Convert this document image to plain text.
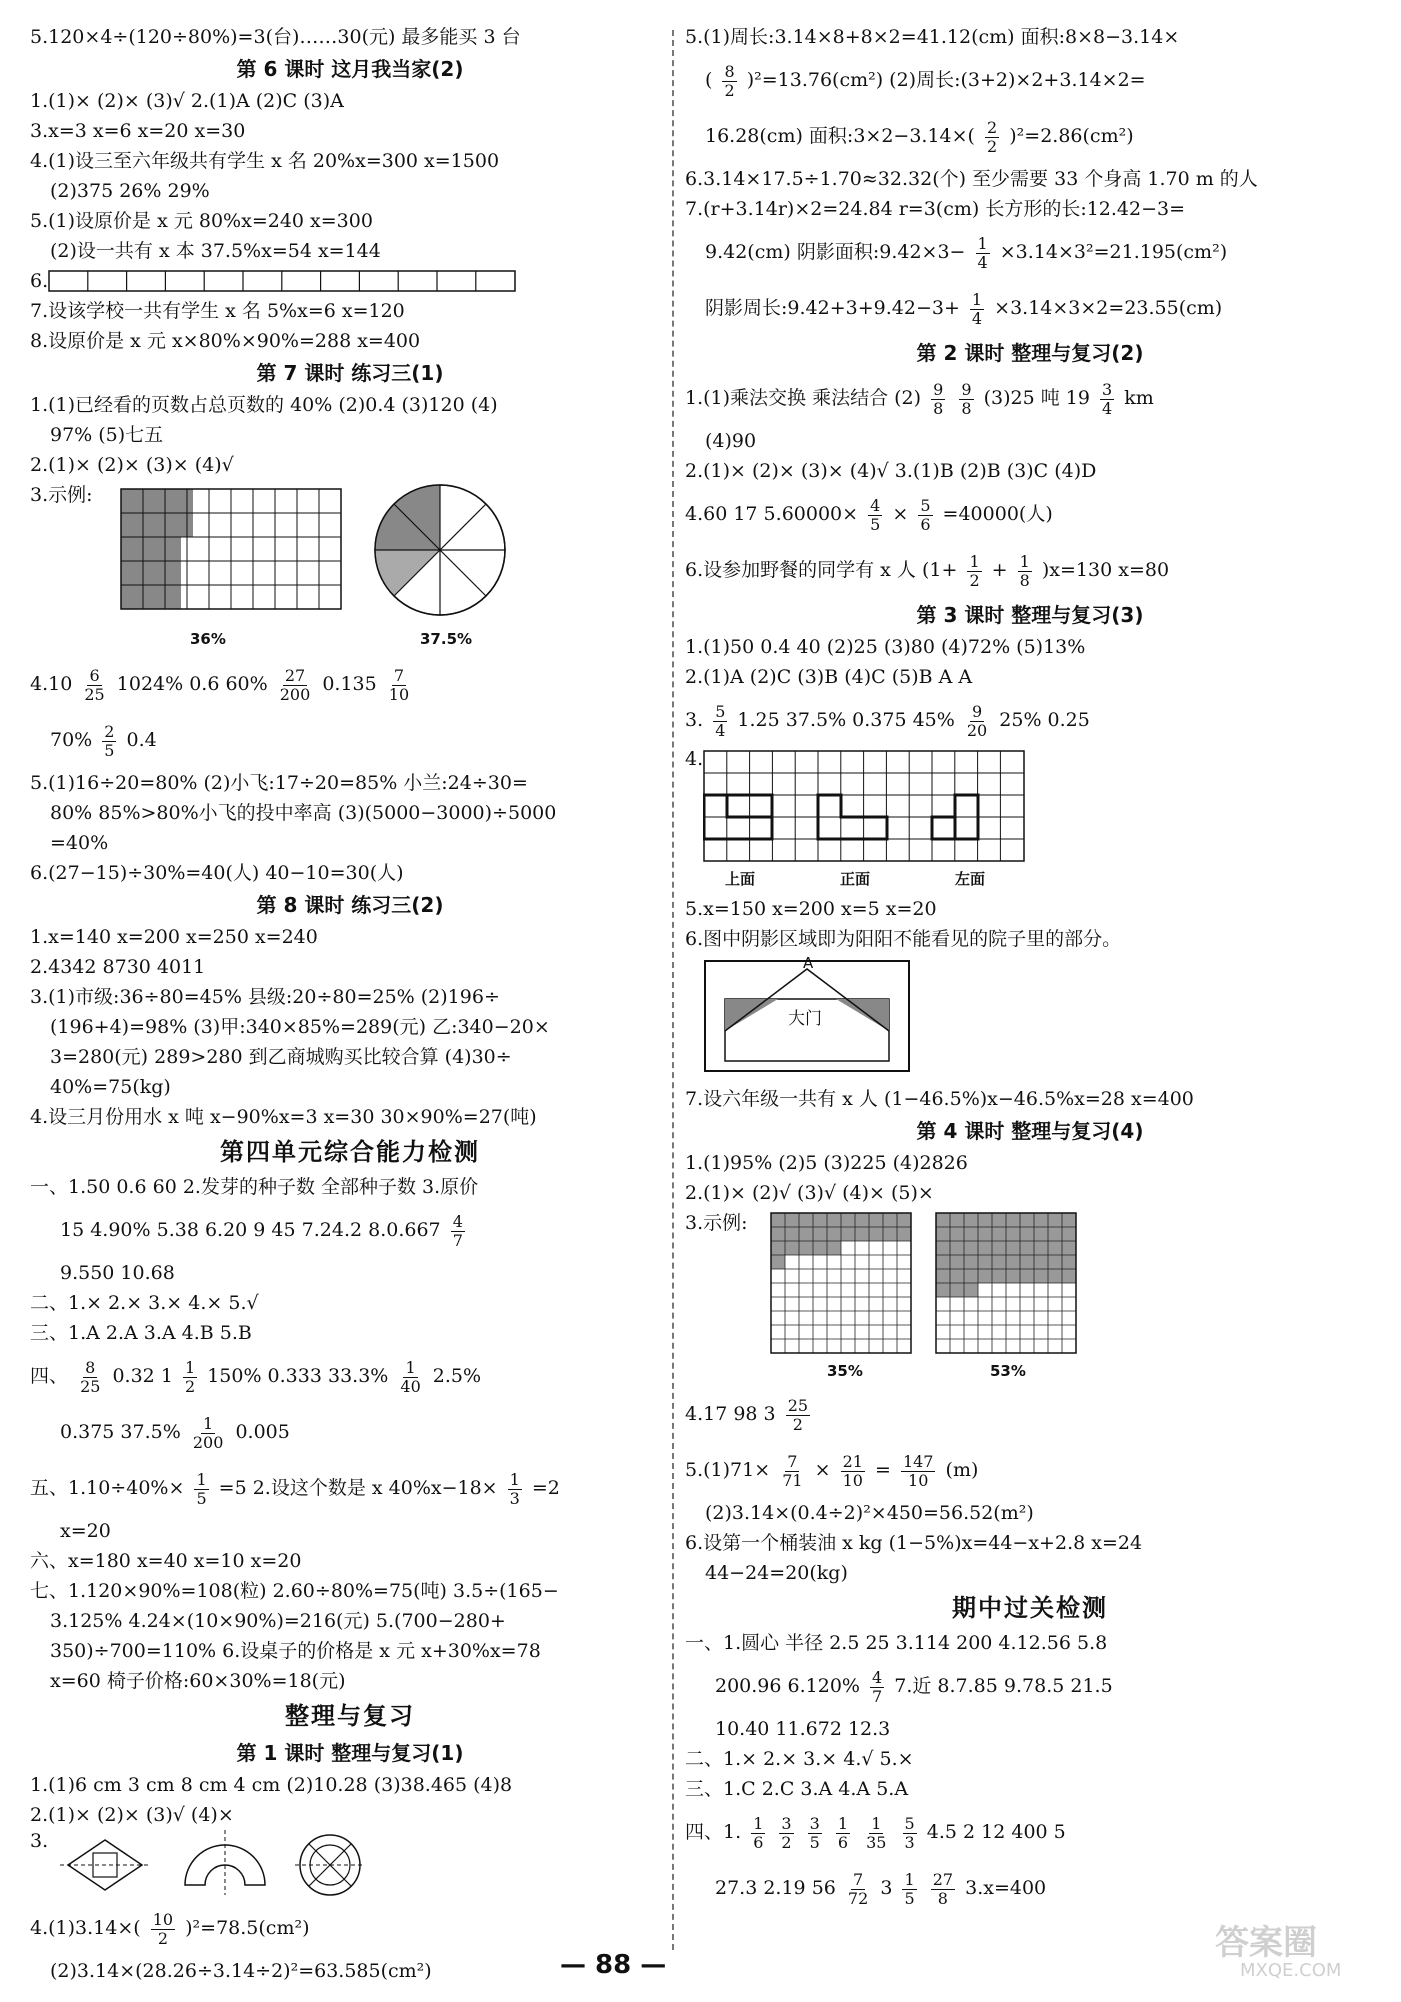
5.120×4÷(120÷80%)=3(台)……30(元) 最多能买 3 台
第 6 课时 这月我当家(2)
1.(1)× (2)× (3)√ 2.(1)A (2)C (3)A
3.x=3 x=6 x=20 x=30
4.(1)设三至六年级共有学生 x 名 20%x=300 x=1500
(2)375 26% 29%
5.(1)设原价是 x 元 80%x=240 x=300
(2)设一共有 x 本 37.5%x=54 x=144
6.
7.设该学校一共有学生 x 名 5%x=6 x=120
8.设原价是 x 元 x×80%×90%=288 x=400
第 7 课时 练习三(1)
1.(1)已经看的页数占总页数的 40% (2)0.4 (3)120 (4)
97% (5)七五
2.(1)× (2)× (3)× (4)√
3.示例:
36%	37.5%
$4.10 \frac{6}{25} 1024\%$ 0.6 $60\% \frac{27}{200} 0.135 \frac{7}{10}$
$70\% \frac{2}{5} 0.4$
5.(1)16÷20=80% (2)小飞:17÷20=85% 小兰:24÷30=
80% 85%>80%小飞的投中率高 (3)(5000−3000)÷5000
=40%
6.(27−15)÷30%=40(人) 40−10=30(人)
第 8 课时 练习三(2)
1.x=140 x=200 x=250 x=240
2.4342 8730 4011
3.(1)市级:36÷80=45% 县级:20÷80=25% (2)196÷
(196+4)=98% (3)甲:340×85%=289(元) 乙:340−20×
3=280(元) 289>280 到乙商城购买比较合算 (4)30÷
40%=75(kg)
4.设三月份用水 x 吨 x−90%x=3 x=30 30×90%=27(吨)
第四单元综合能力检测
一、1.50 0.6 60 2.发芽的种子数 全部种子数 3.原价
15 4.90% 5.38 6.20 9 45 7.24.2 $8.0.667 \frac{4}{7}$
9.550 10.68
二、1.× 2.× 3.× 4.× 5.√
三、1.A 2.A 3.A 4.B 5.B
四、 $\frac{8}{25} 0.32$ $1 \frac{1}{2} 150\%$ 0.333 $33.3\% \frac{1}{40} 2.5\%$
0.375 $37.5\% \frac{1}{200} 0.005$
五、$1.10\div 40\%\times \frac{1}{5} =5$ 2.设这个数是 x $40\%x-18\times \frac{1}{3} =2$
x=20
六、x=180 x=40 x=10 x=20
七、1.120×90%=108(粒) 2.60÷80%=75(吨) 3.5÷(165−
3.125% 4.24×(10×90%)=216(元) 5.(700−280+
350)÷700=110% 6.设桌子的价格是 x 元 x+30%x=78
x=60 椅子价格:60×30%=18(元)
整理与复习
第 1 课时 整理与复习(1)
1.(1)6 cm 3 cm 8 cm 4 cm (2)10.28 (3)38.465 (4)8
2.(1)× (2)× (3)√ (4)×
3.
$4.(1)3.14\times( \frac{10}{2} )^2=78.5(cm^2)$
(2)3.14×(28.26÷3.14÷2)²=63.585(cm²)
5.(1)周长:3.14×8+8×2=41.12(cm) 面积:8×8−3.14×
( $\frac{8}{2} )^2=13.76(cm^2)$ (2)周长:(3+2)×2+3.14×2=
16.28(cm) 面积:3×2−3.14×( $\frac{2}{2} )^2=2.86(cm^2)$
6.3.14×17.5÷1.70≈32.32(个) 至少需要 33 个身高 1.70 m 的人
7.(r+3.14r)×2=24.84 r=3(cm) 长方形的长:12.42−3=
9.42(cm) 阴影面积:9.42×3− $\frac{1}{4} \times 3.14\times 3^2=21.195(cm^2)$
阴影周长:9.42+3+9.42−3+ $\frac{1}{4} \times 3.14\times 3\times 2=23.55(cm)$
第 2 课时 整理与复习(2)
1.(1)乘法交换 乘法结合 $(2) \frac{9}{8}$
$\frac{9}{8} (3)25$ 吨 $19 \frac{3}{4}$ km
(4)90
2.(1)× (2)× (3)× (4)√ 3.(1)B (2)B (3)C (4)D
4.60 17 $5.60000\times \frac{4}{5} \times \frac{5}{6} =40000$(人)
6.设参加野餐的同学有 x 人 $(1+ \frac{1}{2} + \frac{1}{8} )x=130$ x=80
第 3 课时 整理与复习(3)
1.(1)50 0.4 40 (2)25 (3)80 (4)72% (5)13%
2.(1)A (2)C (3)B (4)C (5)B A A
3. $\frac{5}{4} 1.25$ 37.5% 0.375 $45\% \frac{9}{20} 25\%$ 0.25
4.
上面	正面	左面
5.x=150 x=200 x=5 x=20
6.图中阴影区域即为阳阳不能看见的院子里的部分。
A
大门
7.设六年级一共有 x 人 (1−46.5%)x−46.5%x=28 x=400
第 4 课时 整理与复习(4)
1.(1)95% (2)5 (3)225 (4)2826
2.(1)× (2)√ (3)√ (4)× (5)×
3.示例:
35%	53%
4.17 98 $3 \frac{25}{2}$
$5.(1)71\times \frac{7}{71} \times \frac{21}{10} = \frac{147}{10} (m)$
(2)3.14×(0.4÷2)²×450=56.52(m²)
6.设第一个桶装油 x kg (1−5%)x=44−x+2.8 x=24
44−24=20(kg)
期中过关检测
一、1.圆心 半径 2.5 25 3.114 200 4.12.56 5.8
200.96 $6.120\% \frac{4}{7} 7$.近 8.7.85 9.78.5 21.5
10.40 11.672 12.3
二、1.× 2.× 3.× 4.√ 5.×
三、1.C 2.C 3.A 4.A 5.A
四、1. $\frac{1}{6}$
$\frac{3}{2}$
$\frac{3}{5}$
$\frac{1}{6}$
$\frac{1}{35}$
$\frac{5}{3} 4.5$ 2 12 400 5
27.3 2.19 $56 \frac{7}{72} 3 \frac{1}{5}$
$\frac{27}{8} 3.x=400$
— 88 —
答案圈
MXQE.COM
